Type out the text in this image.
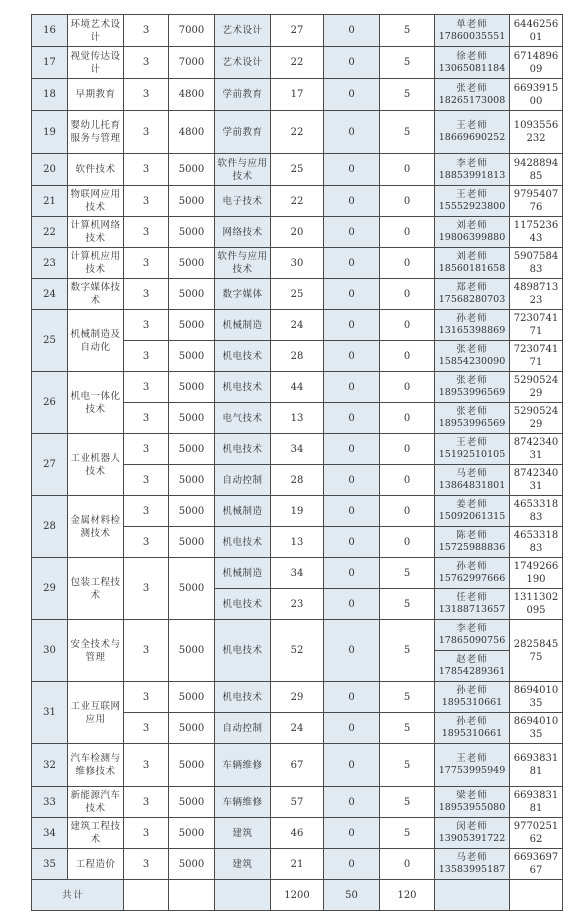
16	环境艺术设计	3	7000	艺术设计	27	0	5	单老师
17860035551	644625601
17	视觉传达设计	3	7000	艺术设计	22	0	5	徐老师
13065081184	671489609
18	早期教育	3	4800	学前教育	17	0	5	张老师
18265173008	669391500
19	婴幼儿托育服务与管理	3	4800	学前教育	22	0	5	王老师
18669690252	1093556232
20	软件技术	3	5000	软件与应用技术	25	0	0	李老师
18853991813	942889485
21	物联网应用技术	3	5000	电子技术	22	0	0	王老师
15552923800	979540776
22	计算机网络技术	3	5000	网络技术	20	0	0	刘老师
19806399880	117523643
23	计算机应用技术	3	5000	软件与应用技术	30	0	0	刘老师
18560181658	590758483
24	数字媒体技术	3	5000	数字媒体	25	0	0	郑老师
17568280703	489871323
25	机械制造及自动化	3	5000	机械制造	24	0	0	孙老师
13165398869	723074171
		3	5000	机电技术	28	0	0	张老师
15854230090	723074171
26	机电一体化技术	3	5000	机电技术	44	0	0	张老师
18953996569	529052429
		3	5000	电气技术	13	0	0	张老师
18953996569	529052429
27	工业机器人技术	3	5000	机电技术	34	0	0	王老师
15192510105	874234031
		3	5000	自动控制	28	0	0	马老师
13864831801	874234031
28	金属材料检测技术	3	5000	机械制造	19	0	0	姜老师
15092061315	465331883
		3	5000	机电技术	13	0	0	陈老师
15725988836	465331883
29	包装工程技术	3	5000	机械制造	34	0	5	孙老师
15762997666	1749266190
				机电技术	23	0	5	任老师
13188713657	1311302095
30	安全技术与管理	3	5000	机电技术	52	0	5	李老师
17865090756	282584575

								赵老师
17854289361	

31	工业互联网应用	3	5000	机电技术	29	0	5	孙老师
1895310661	869401035
		3	5000	自动控制	24	0	5	孙老师
1895310661	869401035
32	汽车检测与维修技术	3	5000	车辆维修	67	0	5	王老师
17753995949	669383181
33	新能源汽车技术	3	5000	车辆维修	57	0	5	梁老师
18953955080	669383181
34	建筑工程技术	3	5000	建筑	46	0	5	闵老师
13905391722	977025162
35	工程造价	3	5000	建筑	21	0	0	马老师
13583995187	669369767
共计					1200	50	120		
